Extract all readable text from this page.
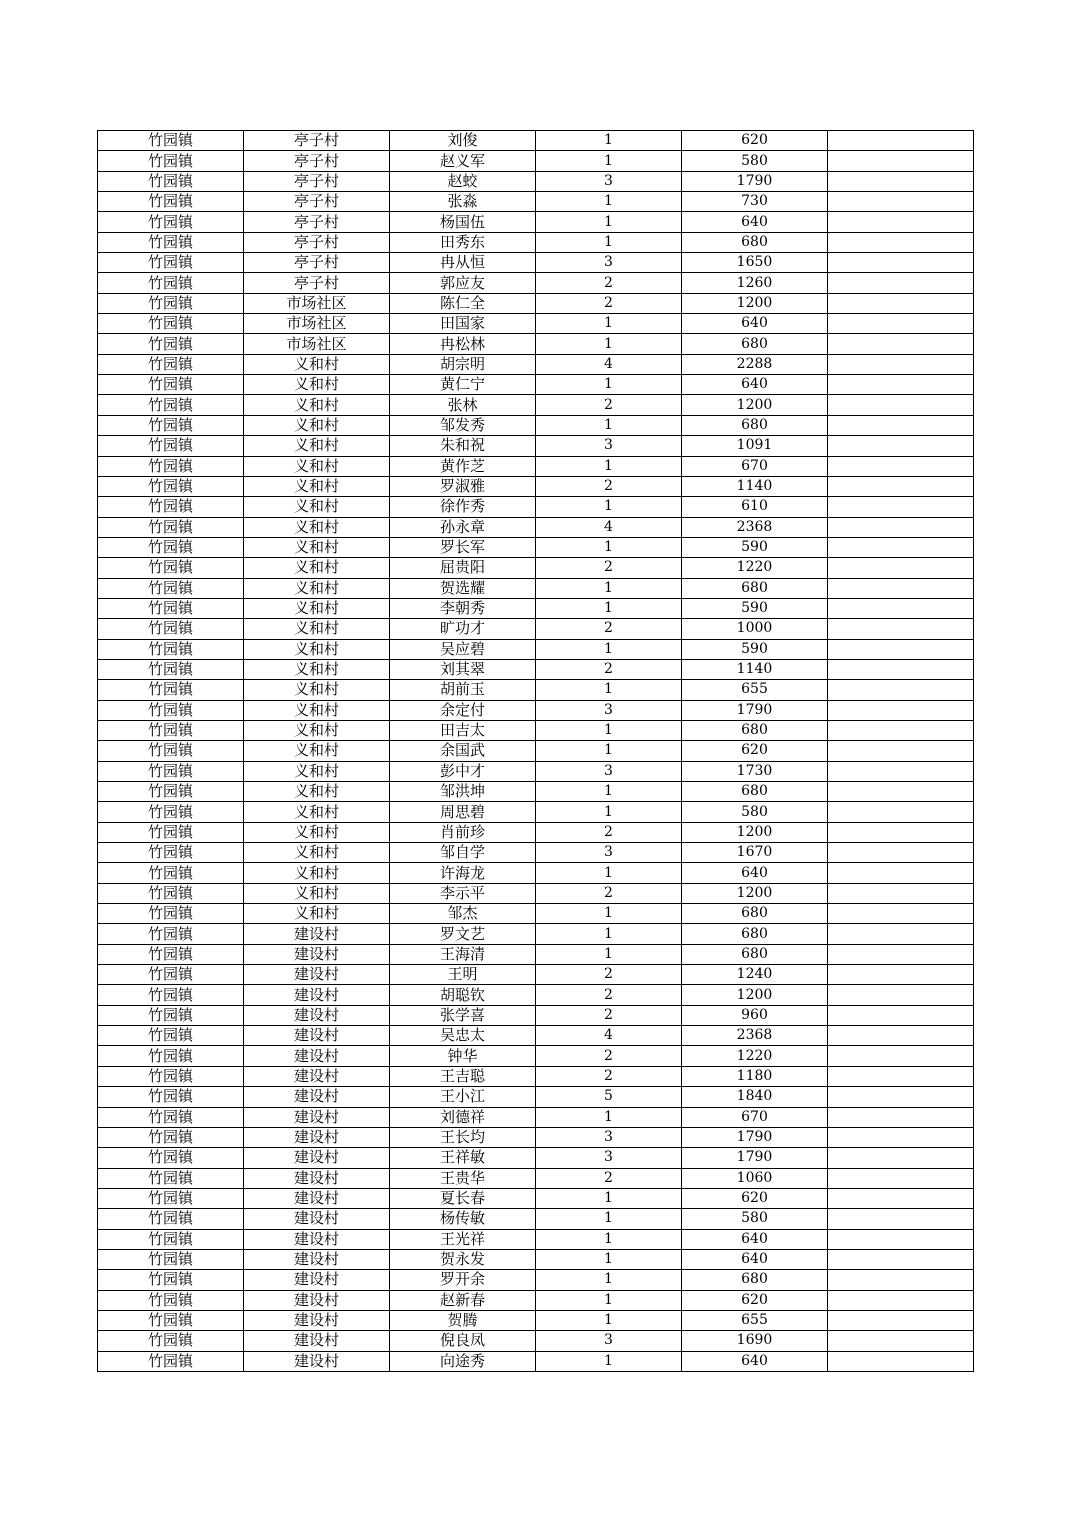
竹园镇	亭子村	刘俊	1	620	
竹园镇	亭子村	赵义军	1	580	
竹园镇	亭子村	赵蛟	3	1790	
竹园镇	亭子村	张淼	1	730	
竹园镇	亭子村	杨国伍	1	640	
竹园镇	亭子村	田秀东	1	680	
竹园镇	亭子村	冉从恒	3	1650	
竹园镇	亭子村	郭应友	2	1260	
竹园镇	市场社区	陈仁全	2	1200	
竹园镇	市场社区	田国家	1	640	
竹园镇	市场社区	冉松林	1	680	
竹园镇	义和村	胡宗明	4	2288	
竹园镇	义和村	黄仁宁	1	640	
竹园镇	义和村	张林	2	1200	
竹园镇	义和村	邹发秀	1	680	
竹园镇	义和村	朱和祝	3	1091	
竹园镇	义和村	黄作芝	1	670	
竹园镇	义和村	罗淑雅	2	1140	
竹园镇	义和村	徐作秀	1	610	
竹园镇	义和村	孙永章	4	2368	
竹园镇	义和村	罗长军	1	590	
竹园镇	义和村	屈贵阳	2	1220	
竹园镇	义和村	贺选耀	1	680	
竹园镇	义和村	李朝秀	1	590	
竹园镇	义和村	旷功才	2	1000	
竹园镇	义和村	吴应碧	1	590	
竹园镇	义和村	刘其翠	2	1140	
竹园镇	义和村	胡前玉	1	655	
竹园镇	义和村	余定付	3	1790	
竹园镇	义和村	田吉太	1	680	
竹园镇	义和村	余国武	1	620	
竹园镇	义和村	彭中才	3	1730	
竹园镇	义和村	邹洪坤	1	680	
竹园镇	义和村	周思碧	1	580	
竹园镇	义和村	肖前珍	2	1200	
竹园镇	义和村	邹自学	3	1670	
竹园镇	义和村	许海龙	1	640	
竹园镇	义和村	李示平	2	1200	
竹园镇	义和村	邹杰	1	680	
竹园镇	建设村	罗文艺	1	680	
竹园镇	建设村	王海清	1	680	
竹园镇	建设村	王明	2	1240	
竹园镇	建设村	胡聪钦	2	1200	
竹园镇	建设村	张学喜	2	960	
竹园镇	建设村	吴忠太	4	2368	
竹园镇	建设村	钟华	2	1220	
竹园镇	建设村	王吉聪	2	1180	
竹园镇	建设村	王小江	5	1840	
竹园镇	建设村	刘德祥	1	670	
竹园镇	建设村	王长均	3	1790	
竹园镇	建设村	王祥敏	3	1790	
竹园镇	建设村	王贵华	2	1060	
竹园镇	建设村	夏长春	1	620	
竹园镇	建设村	杨传敏	1	580	
竹园镇	建设村	王光祥	1	640	
竹园镇	建设村	贺永发	1	640	
竹园镇	建设村	罗开余	1	680	
竹园镇	建设村	赵新春	1	620	
竹园镇	建设村	贺腾	1	655	
竹园镇	建设村	倪良凤	3	1690	
竹园镇	建设村	向途秀	1	640	
